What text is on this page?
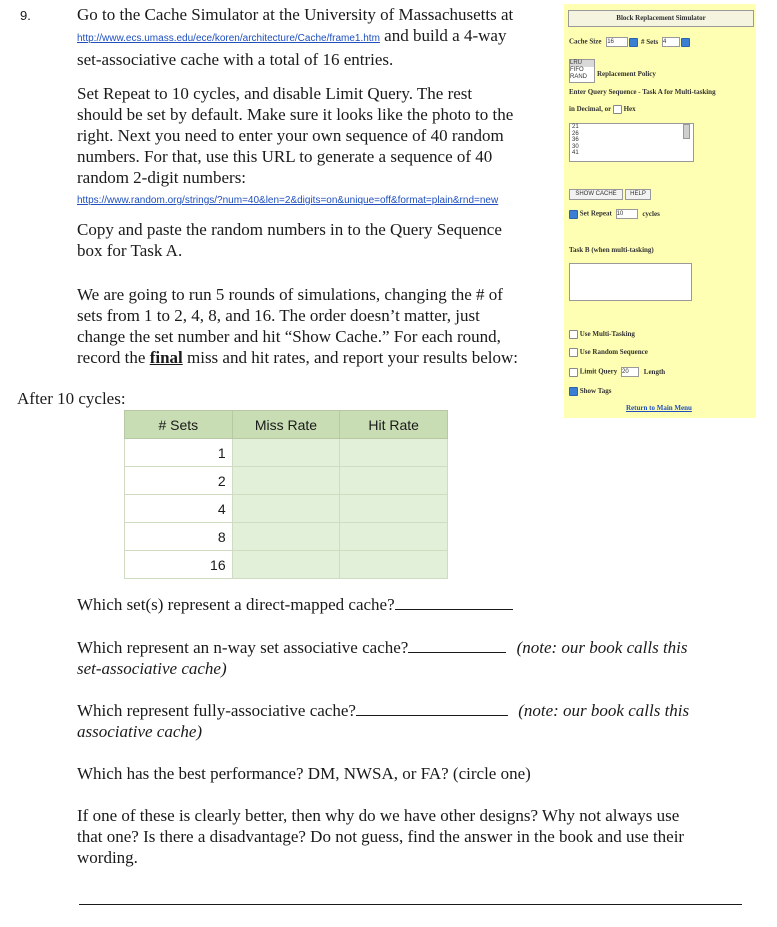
9.	Go to the Cache Simulator at the University of Massachusetts at
http://www.ecs.umass.edu/ece/koren/architecture/Cache/frame1.htm and build a 4-way
set-associative cache with a total of 16 entries.
Set Repeat to 10 cycles, and disable Limit Query. The rest
should be set by default. Make sure it looks like the photo to the
right. Next you need to enter your own sequence of 40 random
numbers. For that, use this URL to generate a sequence of 40
random 2-digit numbers:
https://www.random.org/strings/?num=40&len=2&digits=on&unique=off&format=plain&rnd=new
Copy and paste the random numbers in to the Query Sequence
box for Task A.
We are going to run 5 rounds of simulations, changing the # of
sets from 1 to 2, 4, 8, and 16. The order doesn’t matter, just
change the set number and hit “Show Cache.” For each round,
record the final miss and hit rates, and report your results below:
After 10 cycles:
# Sets	Miss Rate	Hit Rate
1		
2		
4		
8		
16		
Which set(s) represent a direct-mapped cache?
Which represent an n-way set associative cache?	(note: our book calls this
set-associative cache)
Which represent fully-associative cache?	(note: our book calls this
associative cache)
Which has the best performance? DM, NWSA, or FA? (circle one)
If one of these is clearly better, then why do we have other designs? Why not always use
that one? Is there a disadvantage? Do not guess, find the answer in the book and use their
wording.
Block Replacement Simulator
Cache Size 16	# Sets 4
LRU
FIFO
RAND	Replacement Policy
Enter Query Sequence - Task A for Multi-tasking
in Decimal, or Hex
21
26
36
30
41
SHOW CACHE	HELP
Set Repeat 10	cycles
Task B (when multi-tasking)
Use Multi-Tasking
Use Random Sequence
Limit Query 20 Length
Show Tags
Return to Main Menu
